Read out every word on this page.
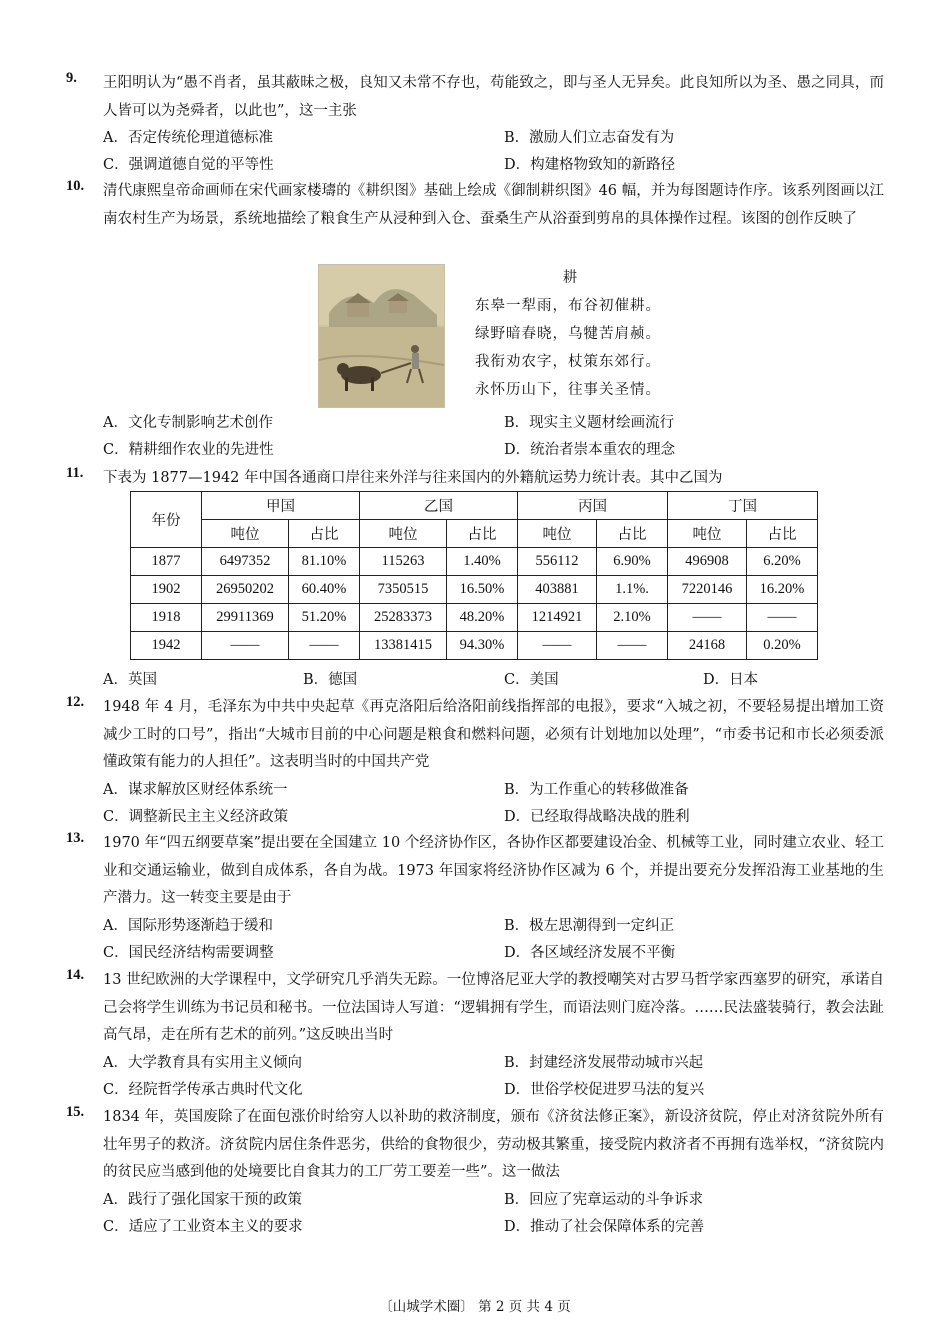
9. 王阳明认为“愚不肖者，虽其蔽昧之极，良知又未常不存也，苟能致之，即与圣人无异矣。此良知所以为圣、愚之同具，而人皆可以为尧舜者，以此也”，这一主张
A．否定传统伦理道德标准	B．激励人们立志奋发有为
C．强调道德自觉的平等性	D．构建格物致知的新路径
10. 清代康熙皇帝命画师在宋代画家楼璹的《耕织图》基础上绘成《御制耕织图》46 幅，并为每图题诗作序。该系列图画以江南农村生产为场景，系统地描绘了粮食生产从浸种到入仓、蚕桑生产从浴蚕到剪帛的具体操作过程。该图的创作反映了
耕
东皋一犁雨，布谷初催耕。
绿野暗春晓，乌犍苦肩赪。
我衔劝农字，杖策东郊行。
永怀历山下，往事关圣情。
A．文化专制影响艺术创作	B．现实主义题材绘画流行
C．精耕细作农业的先进性	D．统治者崇本重农的理念
11. 下表为 1877—1942 年中国各通商口岸往来外洋与往来国内的外籍航运势力统计表。其中乙国为
年份	甲国		乙国		丙国		丁国	
	吨位	占比	吨位	占比	吨位	占比	吨位	占比
1877	6497352	81.10%	115263	1.40%	556112	6.90%	496908	6.20%
1902	26950202	60.40%	7350515	16.50%	403881	1.1%.	7220146	16.20%
1918	29911369	51.20%	25283373	48.20%	1214921	2.10%	——	——
1942	——	——	13381415	94.30%	——	——	24168	0.20%
A．英国	B．德国	C．美国	D．日本
12. 1948 年 4 月，毛泽东为中共中央起草《再克洛阳后给洛阳前线指挥部的电报》，要求“入城之初，不要轻易提出增加工资减少工时的口号”，指出“大城市目前的中心问题是粮食和燃料问题，必须有计划地加以处理”，“市委书记和市长必须委派懂政策有能力的人担任”。这表明当时的中国共产党
A．谋求解放区财经体系统一	B．为工作重心的转移做准备
C．调整新民主主义经济政策	D．已经取得战略决战的胜利
13. 1970 年“四五纲要草案”提出要在全国建立 10 个经济协作区，各协作区都要建设冶金、机械等工业，同时建立农业、轻工业和交通运输业，做到自成体系，各自为战。1973 年国家将经济协作区减为 6 个，并提出要充分发挥沿海工业基地的生产潜力。这一转变主要是由于
A．国际形势逐渐趋于缓和	B．极左思潮得到一定纠正
C．国民经济结构需要调整	D．各区域经济发展不平衡
14. 13 世纪欧洲的大学课程中，文学研究几乎消失无踪。一位博洛尼亚大学的教授嘲笑对古罗马哲学家西塞罗的研究，承诺自己会将学生训练为书记员和秘书。一位法国诗人写道：“逻辑拥有学生，而语法则门庭冷落。……民法盛装骑行，教会法趾高气昂，走在所有艺术的前列。”这反映出当时
A．大学教育具有实用主义倾向	B．封建经济发展带动城市兴起
C．经院哲学传承古典时代文化	D．世俗学校促进罗马法的复兴
15. 1834 年，英国废除了在面包涨价时给穷人以补助的救济制度，颁布《济贫法修正案》，新设济贫院，停止对济贫院外所有壮年男子的救济。济贫院内居住条件恶劣，供给的食物很少，劳动极其繁重，接受院内救济者不再拥有选举权，“济贫院内的贫民应当感到他的处境要比自食其力的工厂劳工要差一些”。这一做法
A．践行了强化国家干预的政策	B．回应了宪章运动的斗争诉求
C．适应了工业资本主义的要求	D．推动了社会保障体系的完善
〔山城学术圈〕 第 2 页 共 4 页
